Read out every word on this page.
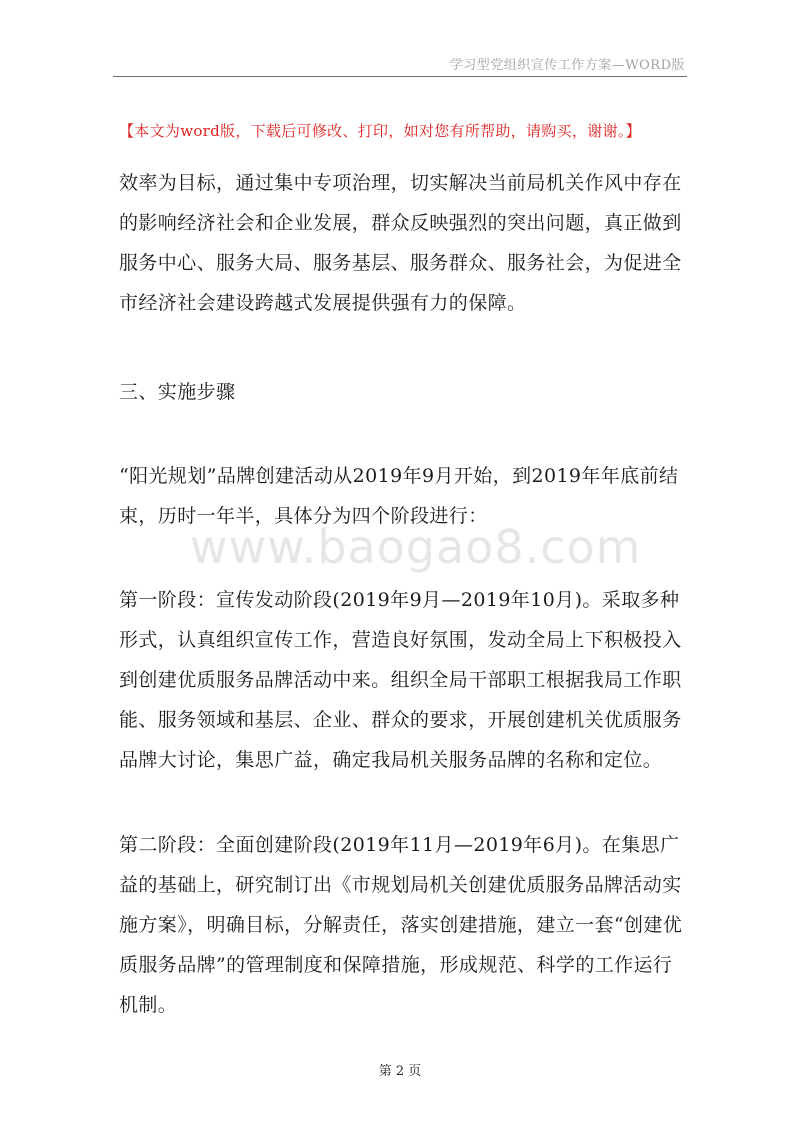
学习型党组织宣传工作方案—WORD版
【本文为word版，下载后可修改、打印，如对您有所帮助，请购买，谢谢。】
www.baogao8.com

效率为目标，通过集中专项治理，切实解决当前局机关作风中存在的影响经济社会和企业发展，群众反映强烈的突出问题，真正做到服务中心、服务大局、服务基层、服务群众、服务社会，为促进全市经济社会建设跨越式发展提供强有力的保障。

三、实施步骤

“阳光规划”品牌创建活动从2019年9月开始，到2019年年底前结束，历时一年半，具体分为四个阶段进行：

第一阶段：宣传发动阶段(2019年9月—2019年10月)。采取多种形式，认真组织宣传工作，营造良好氛围，发动全局上下积极投入到创建优质服务品牌活动中来。组织全局干部职工根据我局工作职能、服务领域和基层、企业、群众的要求，开展创建机关优质服务品牌大讨论，集思广益，确定我局机关服务品牌的名称和定位。

第二阶段：全面创建阶段(2019年11月—2019年6月)。在集思广益的基础上，研究制订出《市规划局机关创建优质服务品牌活动实施方案》，明确目标，分解责任，落实创建措施，建立一套“创建优质服务品牌”的管理制度和保障措施，形成规范、科学的工作运行机制。

第 2 页
